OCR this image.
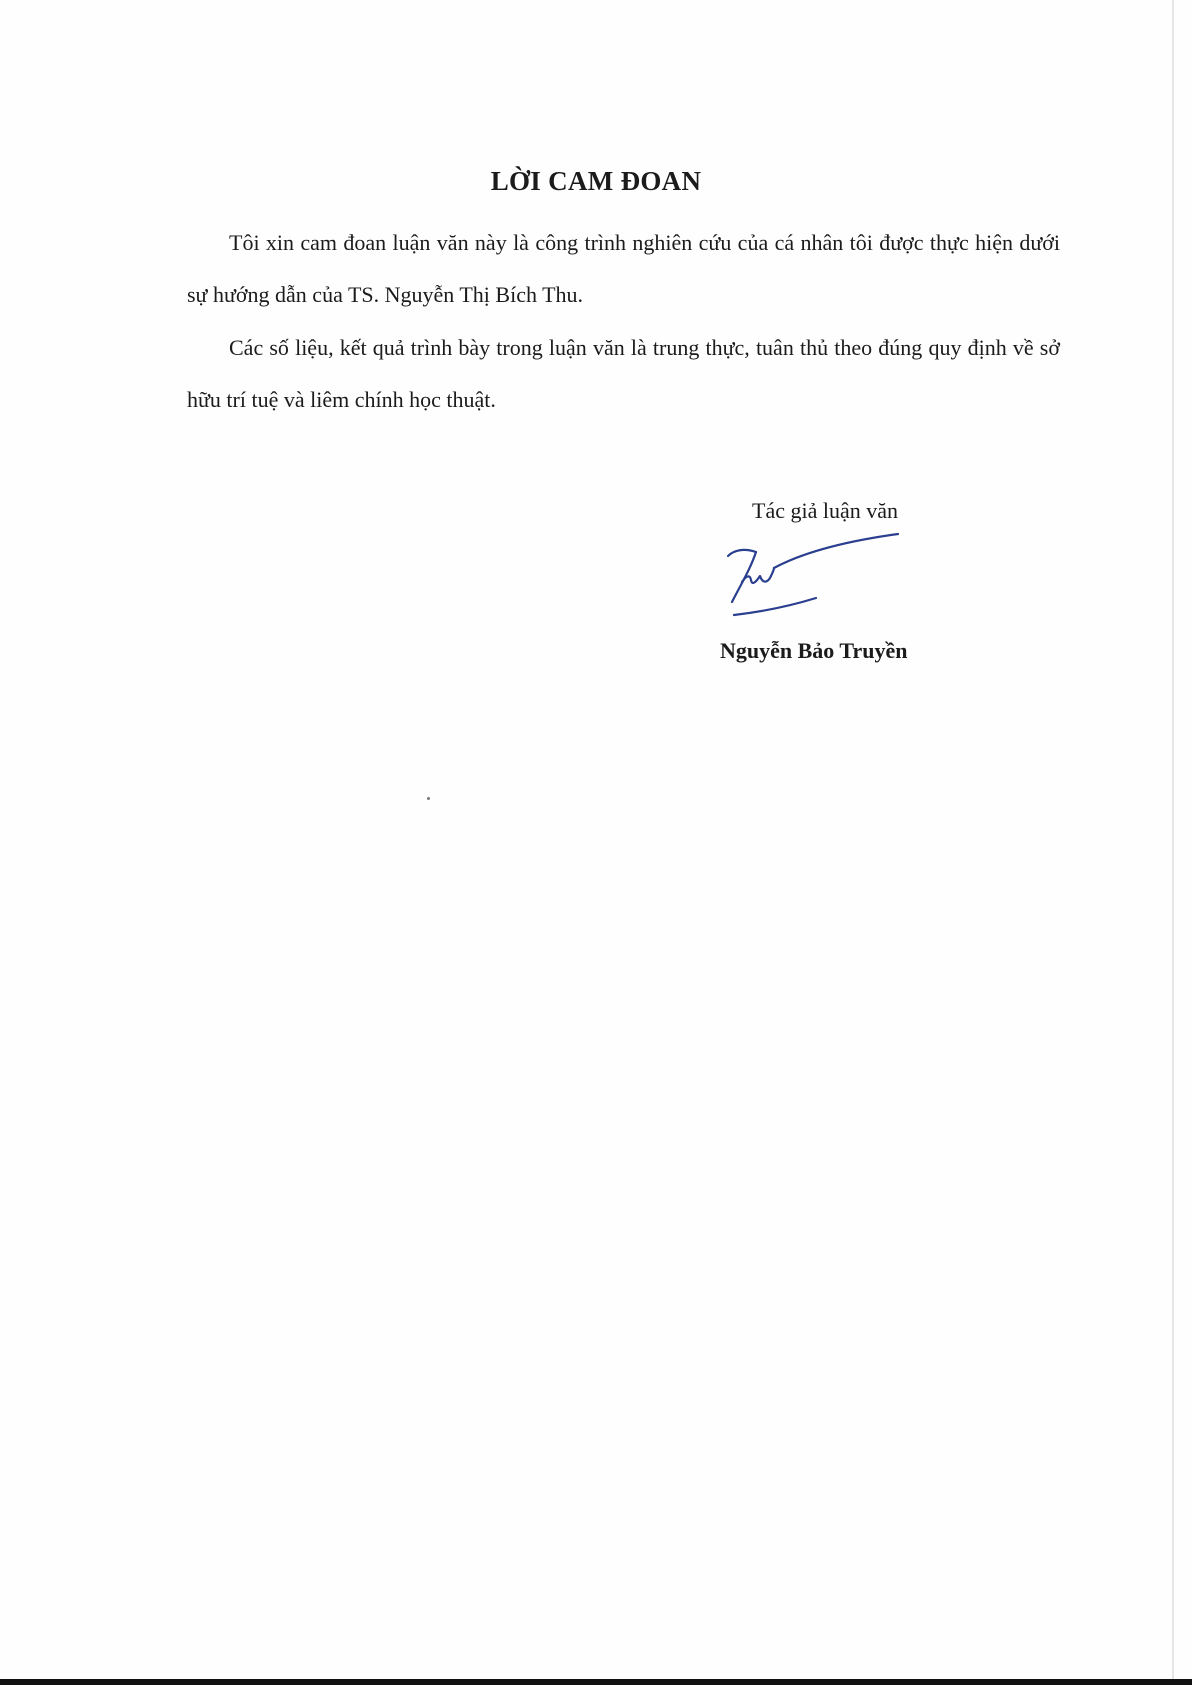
LỜI CAM ĐOAN

Tôi xin cam đoan luận văn này là công trình nghiên cứu của cá nhân tôi được thực hiện dưới sự hướng dẫn của TS. Nguyễn Thị Bích Thu.

Các số liệu, kết quả trình bày trong luận văn là trung thực, tuân thủ theo đúng quy định về sở hữu trí tuệ và liêm chính học thuật.

Tác giả luận văn

Nguyễn Bảo Truyền
